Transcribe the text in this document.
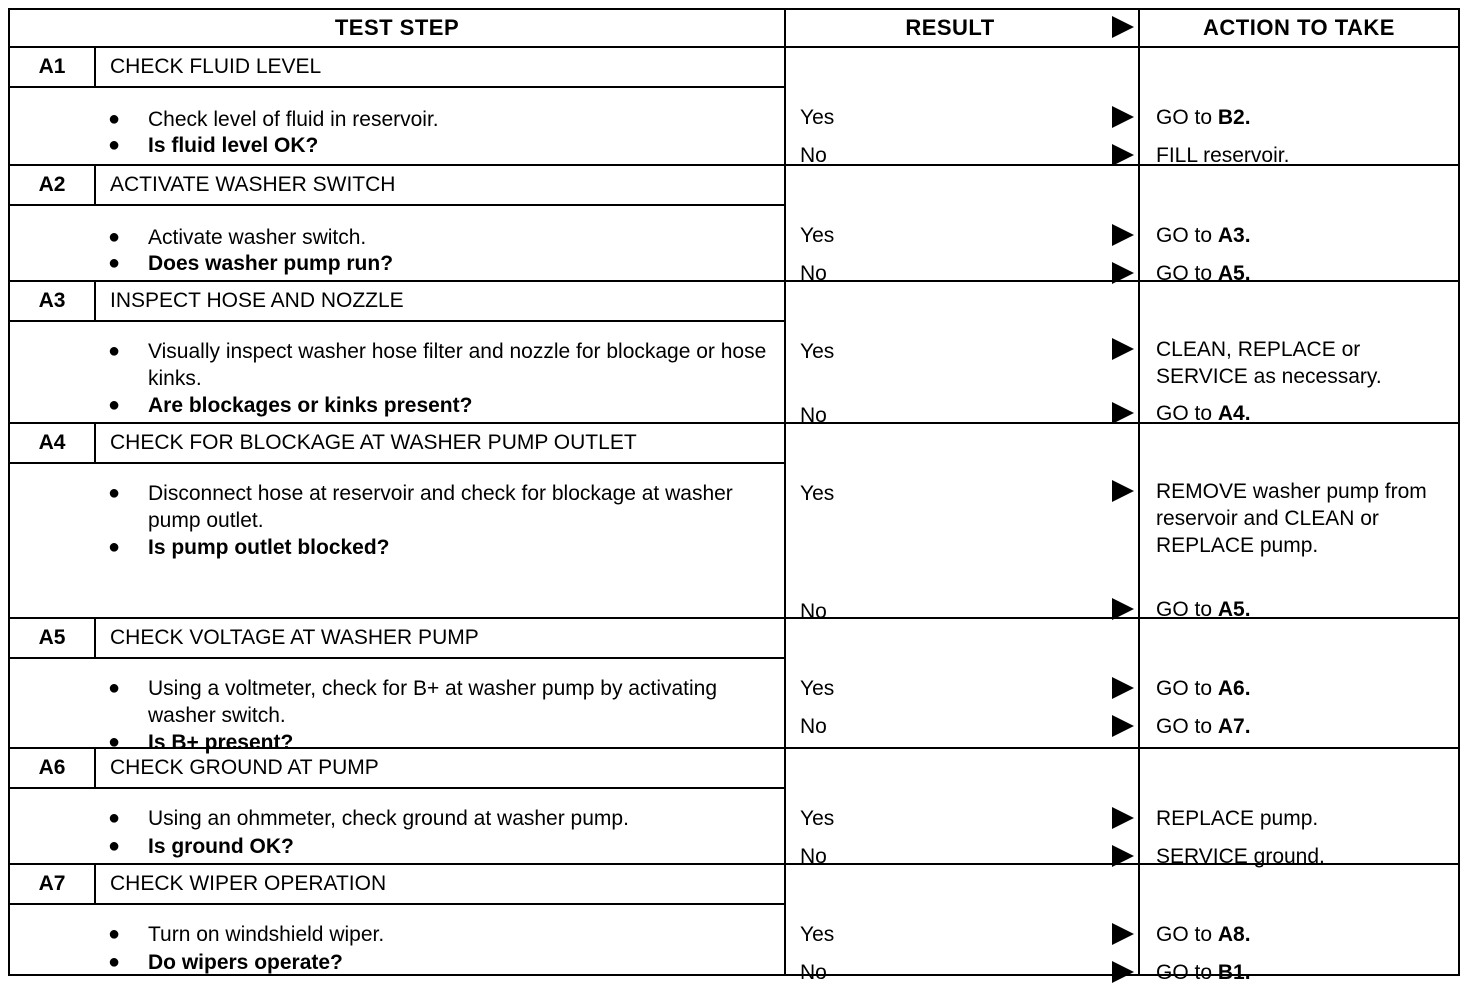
TEST STEP	RESULT	ACTION TO TAKE
A1	CHECK FLUID LEVEL
● Check level of fluid in reservoir.
● Is fluid level OK?
Yes	GO to B2.
No	FILL reservoir.
A2	ACTIVATE WASHER SWITCH
● Activate washer switch.
● Does washer pump run?
Yes	GO to A3.
No	GO to A5.
A3	INSPECT HOSE AND NOZZLE
● Visually inspect washer hose filter and nozzle for blockage or hose kinks.
● Are blockages or kinks present?
Yes	CLEAN, REPLACE or SERVICE as necessary.
No	GO to A4.
A4	CHECK FOR BLOCKAGE AT WASHER PUMP OUTLET
● Disconnect hose at reservoir and check for blockage at washer pump outlet.
● Is pump outlet blocked?
Yes	REMOVE washer pump from reservoir and CLEAN or REPLACE pump.
No	GO to A5.
A5	CHECK VOLTAGE AT WASHER PUMP
● Using a voltmeter, check for B+ at washer pump by activating washer switch.
● Is B+ present?
Yes	GO to A6.
No	GO to A7.
A6	CHECK GROUND AT PUMP
● Using an ohmmeter, check ground at washer pump.
● Is ground OK?
Yes	REPLACE pump.
No	SERVICE ground.
A7	CHECK WIPER OPERATION
● Turn on windshield wiper.
● Do wipers operate?
Yes	GO to A8.
No	GO to B1.
